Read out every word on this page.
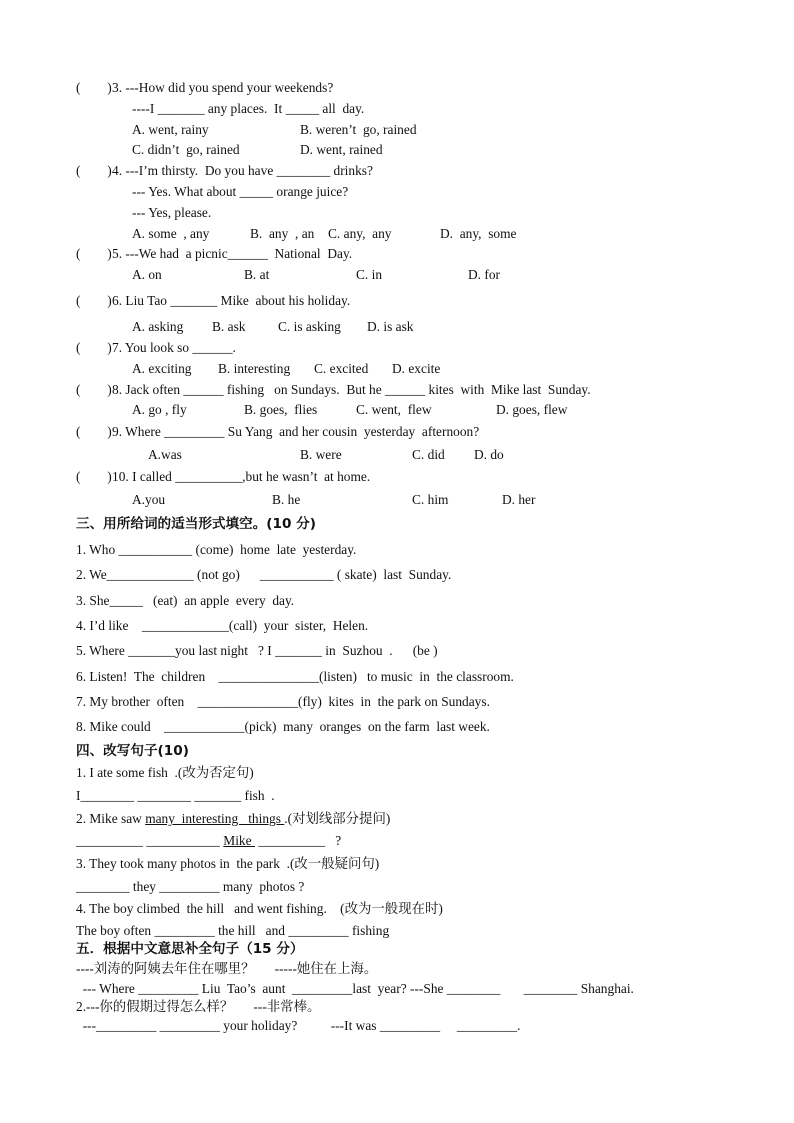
(        ) 3. ---How did you spend your weekends?
----I _______ any places.  It _____ all  day.
A. went, rainy	B. weren’t  go, rained
C. didn’t  go, rained	D. went, rained
(        ) 4. ---I’m thirsty.  Do you have ________ drinks?
--- Yes. What about _____ orange juice?
--- Yes, please.
A. some  , any	B.  any  , an C. any,  any	D.  any,  some
(        ) 5. ---We had  a picnic______  National  Day.
A. on	B. at	C. in	D. for
(        ) 6. Liu Tao _______ Mike  about his holiday.
A. asking B. ask C. is asking D. is ask
(        ) 7. You look so ______.
A. exciting B. interesting C. excited D. excite
(        ) 8. Jack often ______ fishing   on Sundays.  But he ______ kites  with  Mike last  Sunday.
A. go , fly	B. goes,  flies	C. went,  flew	D. goes, flew
(        ) 9. Where _________ Su Yang  and her cousin  yesterday  afternoon?
A.was	B. were	C. did D. do
(        ) 10. I called __________,but he wasn’t  at home.
A.you	B. he	C. him	D. her
三、用所给词的适当形式填空。(10 分)
1. Who ___________ (come)  home  late  yesterday.
2. We_____________ (not go)      ___________ ( skate)  last  Sunday.
3. She_____   (eat)  an apple  every  day.
4. I’d like    _____________(call)  your  sister,  Helen.
5. Where _______you last night   ? I _______ in  Suzhou  .      (be )
6. Listen!  The  children    _______________(listen)   to music  in  the classroom.
7. My brother  often    _______________(fly)  kites  in  the park on Sundays.
8. Mike could    ____________(pick)  many  oranges  on the farm  last week.
四、改写句子(10)
1. I ate some fish  .(改为否定句)
I________ ________ _______ fish  .
2. Mike saw many  interesting   things .(对划线部分提问)
__________ ___________ Mike  __________   ?
3. They took many photos in  the park  .(改一般疑问句)
________ they _________ many  photos ?
4. The boy climbed  the hill   and went fishing.    (改为一般现在时)
The boy often _________ the hill   and _________ fishing
五．根据中文意思补全句子（15 分）
----刘涛的阿姨去年住在哪里？      -----她住在上海。
--- Where _________ Liu  Tao’s  aunt  _________last  year? ---She ________       ________ Shanghai.
2.---你的假期过得怎么样？      ---非常棒。
---_________ _________ your holiday?          ---It was _________     _________.
